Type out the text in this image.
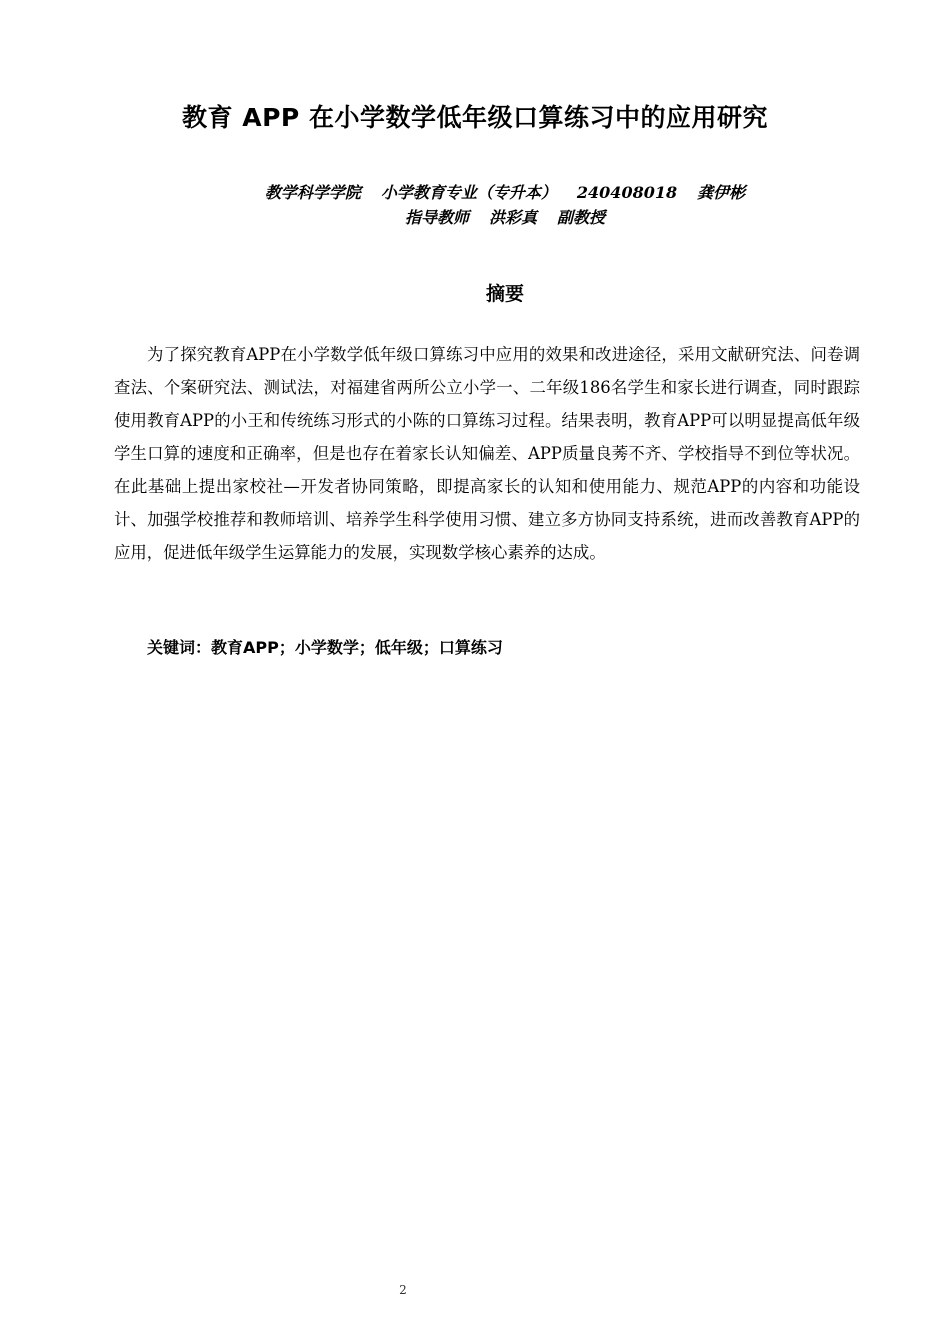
教育 APP 在小学数学低年级口算练习中的应用研究
教学科学学院 小学教育专业（专升本） 240408018 龚伊彬
指导教师 洪彩真 副教授
摘要

为了探究教育APP在小学数学低年级口算练习中应用的效果和改进途径，采用文献研究法、问卷调查法、个案研究法、测试法，对福建省两所公立小学一、二年级186名学生和家长进行调查，同时跟踪使用教育APP的小王和传统练习形式的小陈的口算练习过程。结果表明，教育APP可以明显提高低年级学生口算的速度和正确率，但是也存在着家长认知偏差、APP质量良莠不齐、学校指导不到位等状况。在此基础上提出家校社—开发者协同策略，即提高家长的认知和使用能力、规范APP的内容和功能设计、加强学校推荐和教师培训、培养学生科学使用习惯、建立多方协同支持系统，进而改善教育APP的应用，促进低年级学生运算能力的发展，实现数学核心素养的达成。

关键词：教育APP；小学数学；低年级；口算练习
2
